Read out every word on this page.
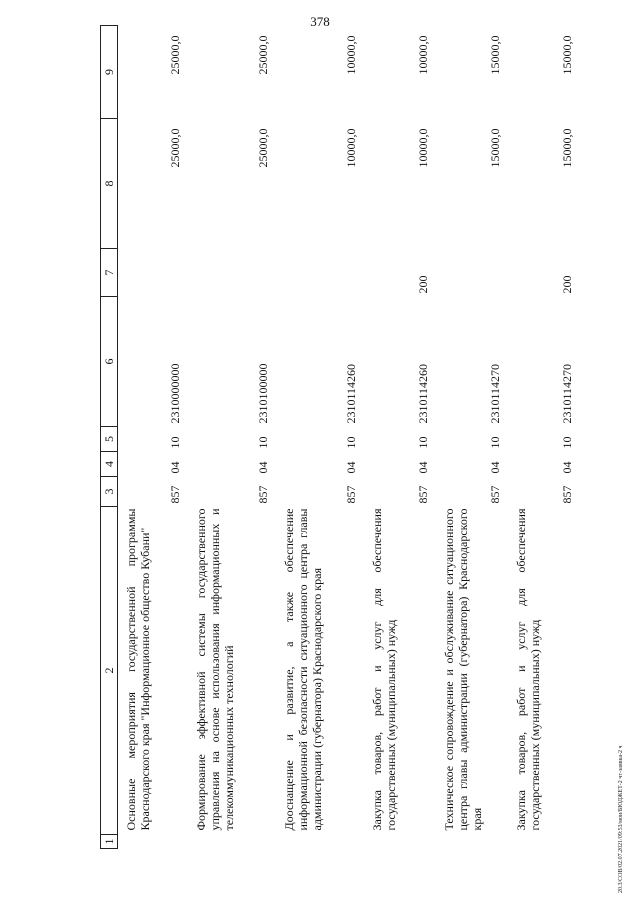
378
20.3/СОВ/02.07.2021/09:53/мои/БЮДЖЕТ-2 чт-заявка-2 ч
1	2	3	4	5	6	7	8	9
	Основные мероприятия государственной программы Краснодарского края "Информационное общество Кубани"	857	04	10	2310000000		25000,0	25000,0
	Формирование эффективной системы государственного управления на основе использования информационных и телекоммуникационных технологий	857	04	10	2310100000		25000,0	25000,0
	Дооснащение и развитие, а также обеспечение информационной безопасности ситуационного центра главы администрации (губернатора) Краснодарского края	857	04	10	2310114260		10000,0	10000,0
	Закупка товаров, работ и услуг для обеспечения государственных (муниципальных) нужд	857	04	10	2310114260	200	10000,0	10000,0
	Техническое сопровождение и обслуживание ситуационного центра главы администрации (губернатора) Краснодарского края	857	04	10	2310114270		15000,0	15000,0
	Закупка товаров, работ и услуг для обеспечения государственных (муниципальных) нужд	857	04	10	2310114270	200	15000,0	15000,0
